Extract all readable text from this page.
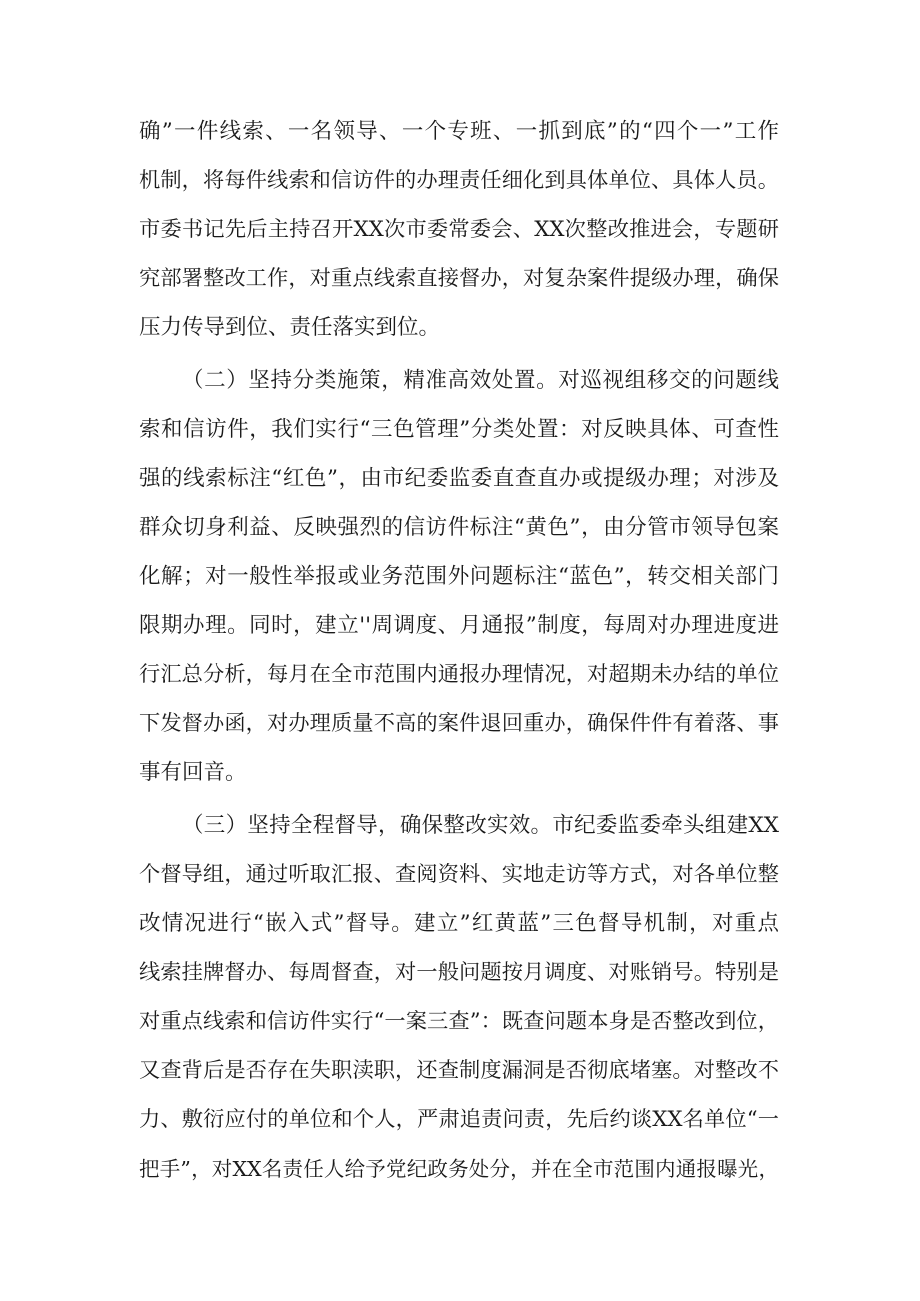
确”一件线索、一名领导、一个专班、一抓到底”的“四个一”工作
机制，将每件线索和信访件的办理责任细化到具体单位、具体人员。
市委书记先后主持召开XX次市委常委会、XX次整改推进会，专题研
究部署整改工作，对重点线索直接督办，对复杂案件提级办理，确保
压力传导到位、责任落实到位。
（二）坚持分类施策，精准高效处置。对巡视组移交的问题线
索和信访件，我们实行“三色管理”分类处置：对反映具体、可查性
强的线索标注“红色”，由市纪委监委直查直办或提级办理；对涉及
群众切身利益、反映强烈的信访件标注“黄色”，由分管市领导包案
化解；对一般性举报或业务范围外问题标注“蓝色”，转交相关部门
限期办理。同时，建立''周调度、月通报”制度，每周对办理进度进
行汇总分析，每月在全市范围内通报办理情况，对超期未办结的单位
下发督办函，对办理质量不高的案件退回重办，确保件件有着落、事
事有回音。
（三）坚持全程督导，确保整改实效。市纪委监委牵头组建XX
个督导组，通过听取汇报、查阅资料、实地走访等方式，对各单位整
改情况进行“嵌入式”督导。建立”红黄蓝”三色督导机制，对重点
线索挂牌督办、每周督查，对一般问题按月调度、对账销号。特别是
对重点线索和信访件实行“一案三查”：既查问题本身是否整改到位，
又查背后是否存在失职渎职，还查制度漏洞是否彻底堵塞。对整改不
力、敷衍应付的单位和个人，严肃追责问责，先后约谈XX名单位“一
把手”，对XX名责任人给予党纪政务处分，并在全市范围内通报曝光，
